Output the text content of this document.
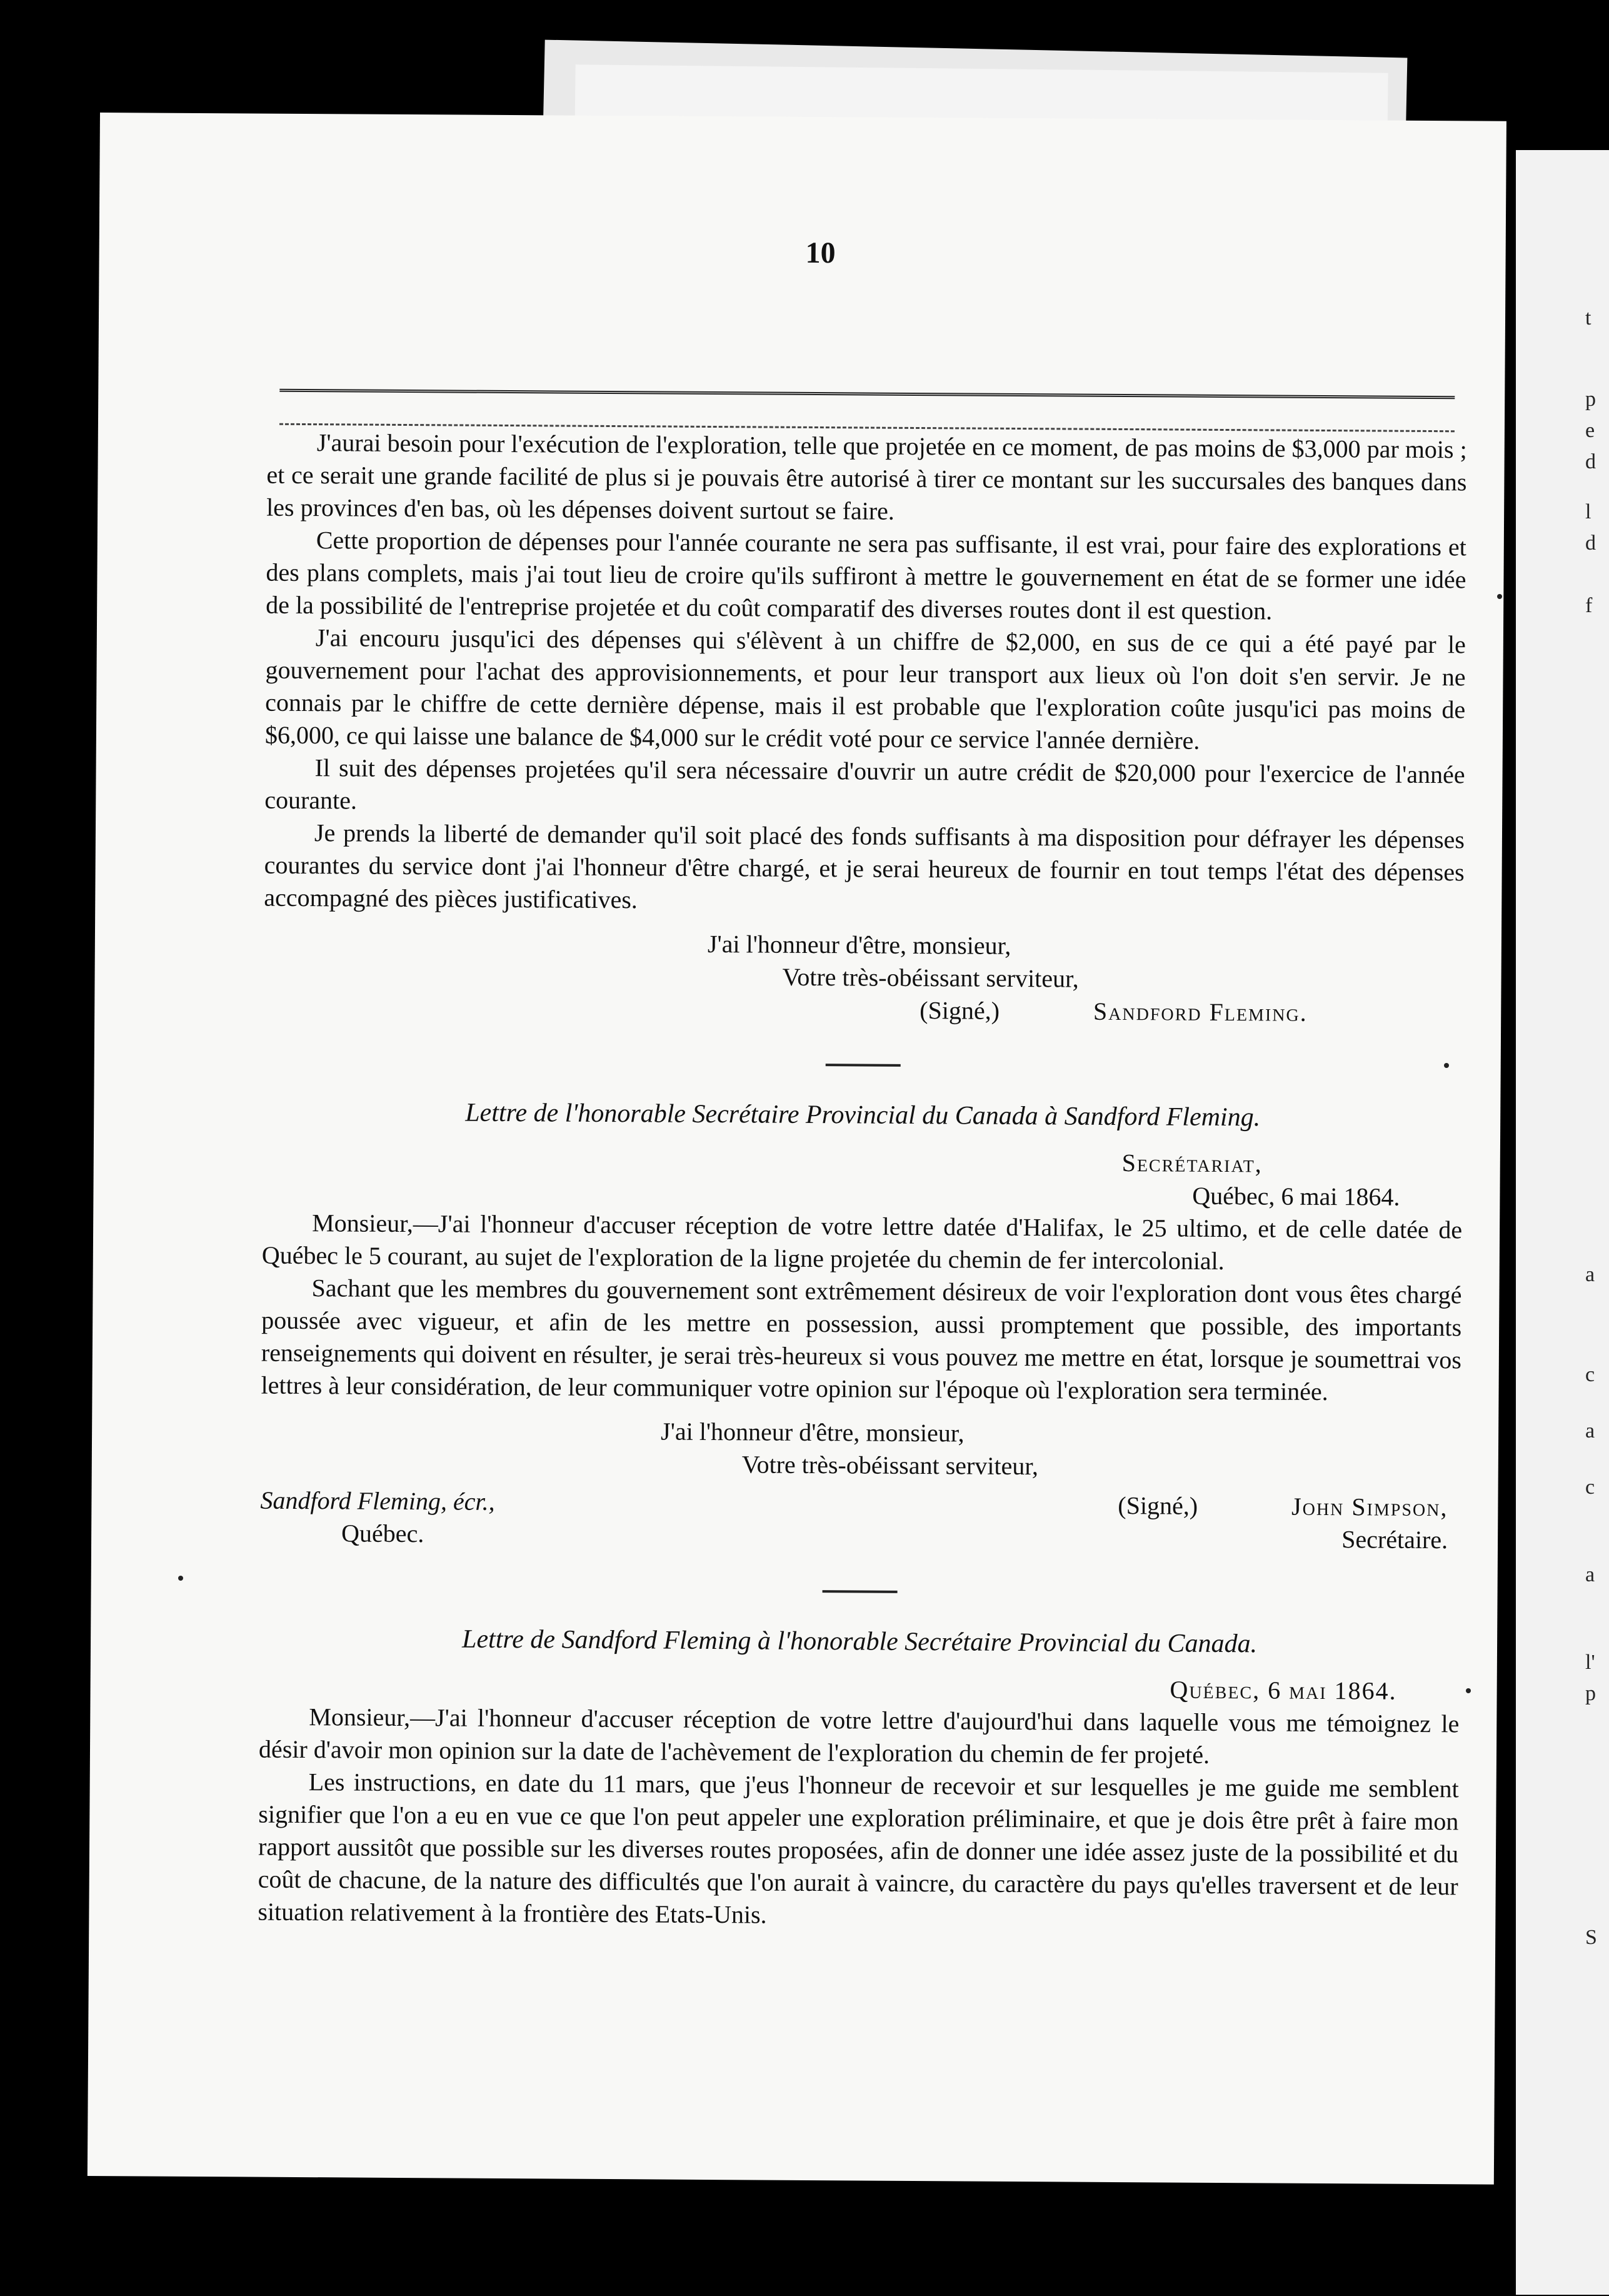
t
p
e
d
l
d
f
a
c
a
c
a
l'
p
S
10

J'aurai besoin pour l'exécution de l'exploration, telle que projetée en ce moment, de pas moins de $3,000 par mois ; et ce serait une grande facilité de plus si je pouvais être autorisé à tirer ce montant sur les succursales des banques dans les provinces d'en bas, où les dépenses doivent surtout se faire.

Cette proportion de dépenses pour l'année courante ne sera pas suffisante, il est vrai, pour faire des explorations et des plans complets, mais j'ai tout lieu de croire qu'ils suffiront à mettre le gouvernement en état de se former une idée de la possibilité de l'entreprise projetée et du coût comparatif des diverses routes dont il est question.

J'ai encouru jusqu'ici des dépenses qui s'élèvent à un chiffre de $2,000, en sus de ce qui a été payé par le gouvernement pour l'achat des approvisionnements, et pour leur transport aux lieux où l'on doit s'en servir. Je ne connais par le chiffre de cette dernière dépense, mais il est probable que l'exploration coûte jusqu'ici pas moins de $6,000, ce qui laisse une balance de $4,000 sur le crédit voté pour ce service l'année dernière.

Il suit des dépenses projetées qu'il sera nécessaire d'ouvrir un autre crédit de $20,000 pour l'exercice de l'année courante.

Je prends la liberté de demander qu'il soit placé des fonds suffisants à ma disposition pour défrayer les dépenses courantes du service dont j'ai l'honneur d'être chargé, et je serai heureux de fournir en tout temps l'état des dépenses accompagné des pièces justificatives.

J'ai l'honneur d'être, monsieur,
Votre très-obéissant serviteur,
(Signé,)	Sandford Fleming.
Lettre de l'honorable Secrétaire Provincial du Canada à Sandford Fleming.
Secrétariat,
Québec, 6 mai 1864.

Monsieur,—J'ai l'honneur d'accuser réception de votre lettre datée d'Halifax, le 25 ultimo, et de celle datée de Québec le 5 courant, au sujet de l'exploration de la ligne projetée du chemin de fer intercolonial.

Sachant que les membres du gouvernement sont extrêmement désireux de voir l'exploration dont vous êtes chargé poussée avec vigueur, et afin de les mettre en possession, aussi promptement que possible, des importants renseignements qui doivent en résulter, je serai très-heureux si vous pouvez me mettre en état, lorsque je soumettrai vos lettres à leur considération, de leur communiquer votre opinion sur l'époque où l'exploration sera terminée.

J'ai l'honneur d'être, monsieur,
Votre très-obéissant serviteur,
Sandford Fleming, écr.,
Québec.
(Signé,)	John Simpson,
Secrétaire.
Lettre de Sandford Fleming à l'honorable Secrétaire Provincial du Canada.
Québec, 6 mai 1864.

Monsieur,—J'ai l'honneur d'accuser réception de votre lettre d'aujourd'hui dans laquelle vous me témoignez le désir d'avoir mon opinion sur la date de l'achèvement de l'exploration du chemin de fer projeté.

Les instructions, en date du 11 mars, que j'eus l'honneur de recevoir et sur lesquelles je me guide me semblent signifier que l'on a eu en vue ce que l'on peut appeler une exploration préliminaire, et que je dois être prêt à faire mon rapport aussitôt que possible sur les diverses routes proposées, afin de donner une idée assez juste de la possibilité et du coût de chacune, de la nature des difficultés que l'on aurait à vaincre, du caractère du pays qu'elles traversent et de leur situation relativement à la frontière des Etats-Unis.
